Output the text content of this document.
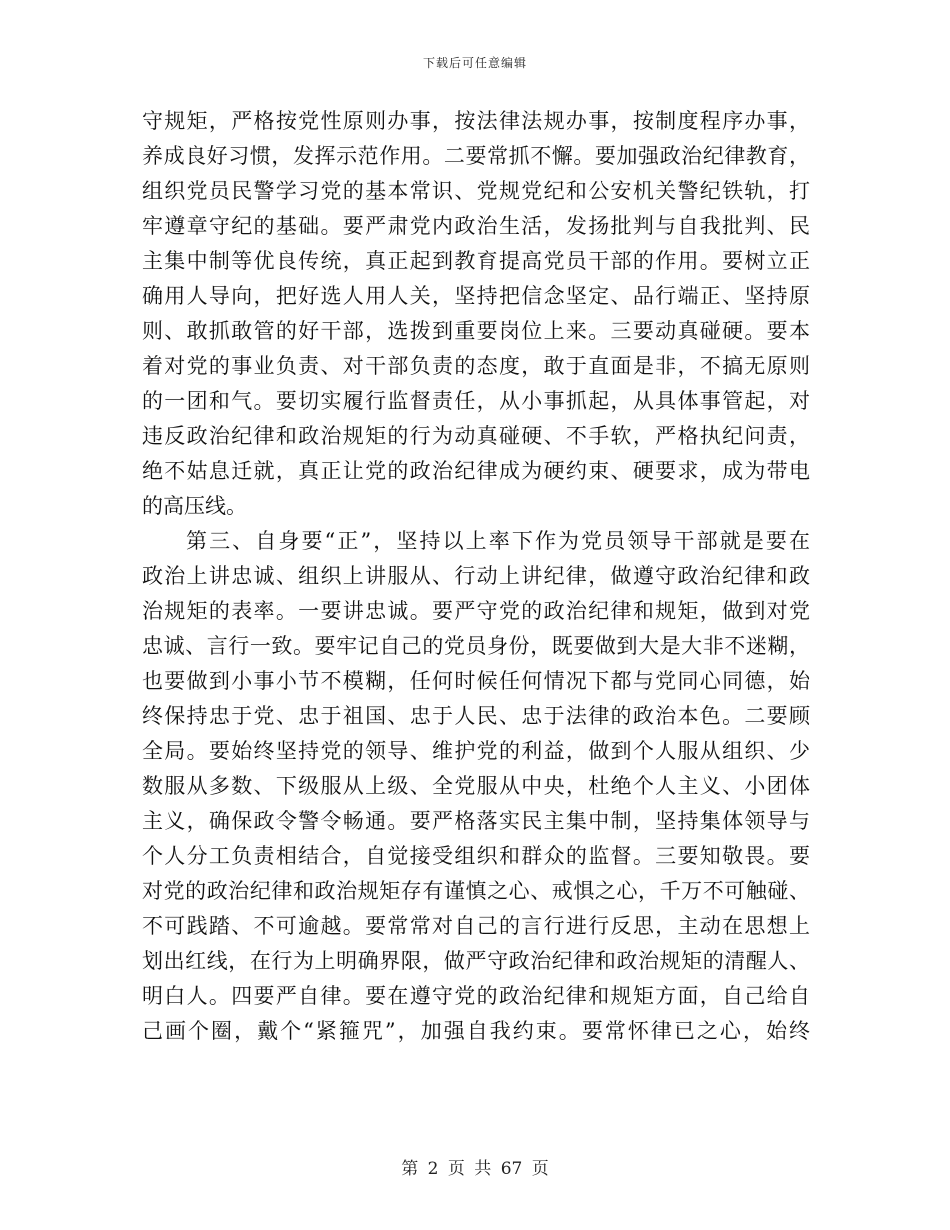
下载后可任意编辑
守规矩，严格按党性原则办事，按法律法规办事，按制度程序办事，
养成良好习惯，发挥示范作用。二要常抓不懈。要加强政治纪律教育，
组织党员民警学习党的基本常识、党规党纪和公安机关警纪铁轨，打
牢遵章守纪的基础。要严肃党内政治生活，发扬批判与自我批判、民
主集中制等优良传统，真正起到教育提高党员干部的作用。要树立正
确用人导向，把好选人用人关，坚持把信念坚定、品行端正、坚持原
则、敢抓敢管的好干部，选拨到重要岗位上来。三要动真碰硬。要本
着对党的事业负责、对干部负责的态度，敢于直面是非，不搞无原则
的一团和气。要切实履行监督责任，从小事抓起，从具体事管起，对
违反政治纪律和政治规矩的行为动真碰硬、不手软，严格执纪问责，
绝不姑息迁就，真正让党的政治纪律成为硬约束、硬要求，成为带电
的高压线。
第三、自身要“正”，坚持以上率下作为党员领导干部就是要在
政治上讲忠诚、组织上讲服从、行动上讲纪律，做遵守政治纪律和政
治规矩的表率。一要讲忠诚。要严守党的政治纪律和规矩，做到对党
忠诚、言行一致。要牢记自己的党员身份，既要做到大是大非不迷糊，
也要做到小事小节不模糊，任何时候任何情况下都与党同心同德，始
终保持忠于党、忠于祖国、忠于人民、忠于法律的政治本色。二要顾
全局。要始终坚持党的领导、维护党的利益，做到个人服从组织、少
数服从多数、下级服从上级、全党服从中央，杜绝个人主义、小团体
主义，确保政令警令畅通。要严格落实民主集中制，坚持集体领导与
个人分工负责相结合，自觉接受组织和群众的监督。三要知敬畏。要
对党的政治纪律和政治规矩存有谨慎之心、戒惧之心，千万不可触碰、
不可践踏、不可逾越。要常常对自己的言行进行反思，主动在思想上
划出红线，在行为上明确界限，做严守政治纪律和政治规矩的清醒人、
明白人。四要严自律。要在遵守党的政治纪律和规矩方面，自己给自
己画个圈，戴个“紧箍咒”，加强自我约束。要常怀律已之心，始终
第 2 页 共 67 页
